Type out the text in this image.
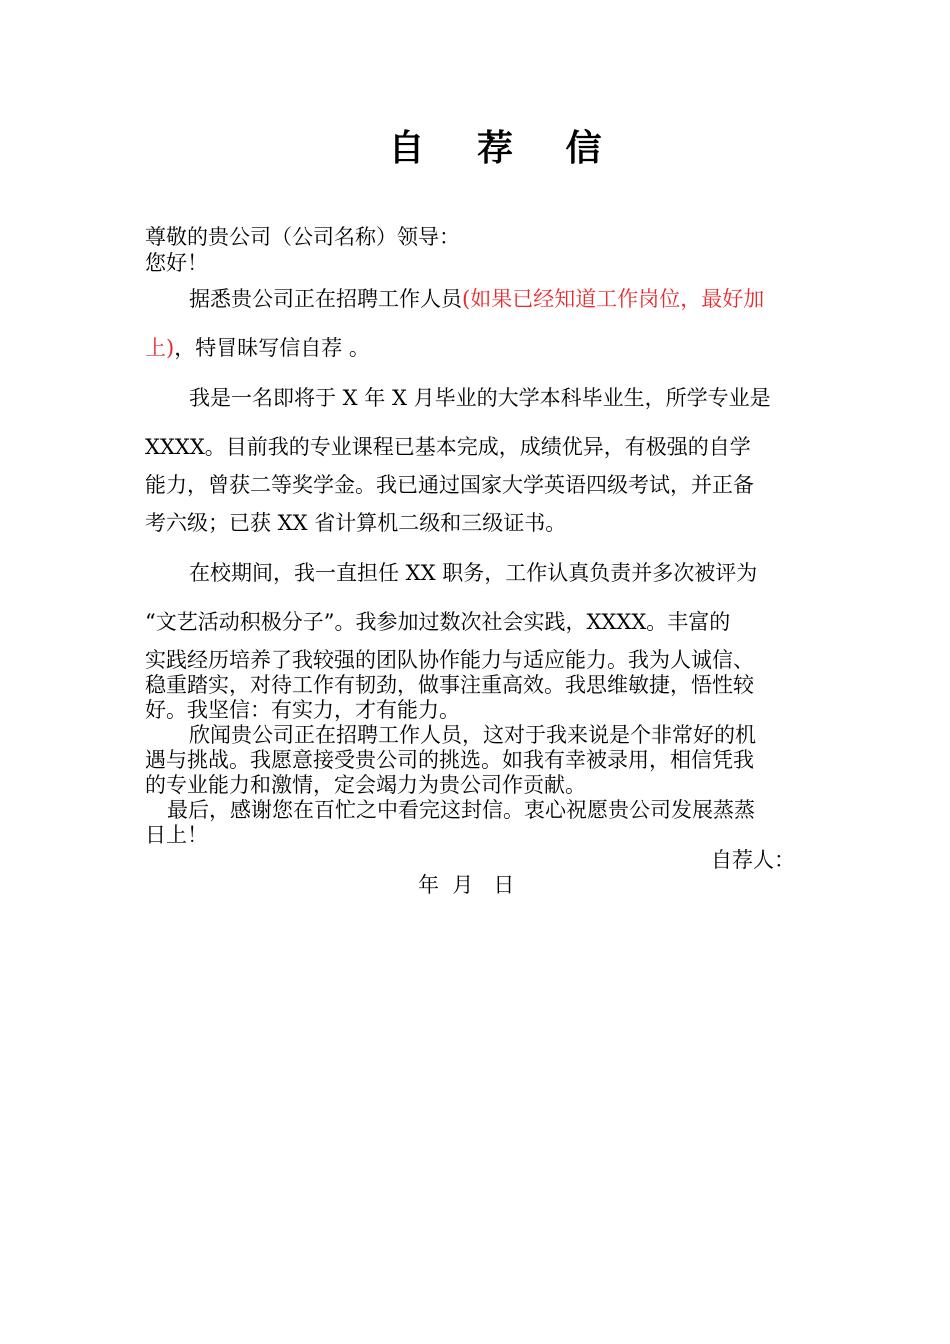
自 荐 信
尊敬的贵公司（公司名称）领导：
您好！
据悉贵公司正在招聘工作人员(如果已经知道工作岗位，最好加
上)，特冒昧写信自荐 。
我是一名即将于 X 年 X 月毕业的大学本科毕业生，所学专业是
XXXX。目前我的专业课程已基本完成，成绩优异，有极强的自学
能力，曾获二等奖学金。我已通过国家大学英语四级考试，并正备
考六级；已获 XX 省计算机二级和三级证书。
在校期间，我一直担任 XX 职务，工作认真负责并多次被评为
“文艺活动积极分子”。我参加过数次社会实践，XXXX。丰富的
实践经历培养了我较强的团队协作能力与适应能力。我为人诚信、
稳重踏实，对待工作有韧劲，做事注重高效。我思维敏捷，悟性较
好。我坚信：有实力，才有能力。
欣闻贵公司正在招聘工作人员，这对于我来说是个非常好的机
遇与挑战。我愿意接受贵公司的挑选。如我有幸被录用，相信凭我
的专业能力和激情，定会竭力为贵公司作贡献。
最后，感谢您在百忙之中看完这封信。衷心祝愿贵公司发展蒸蒸
日上！
自荐人：
年  月   日
